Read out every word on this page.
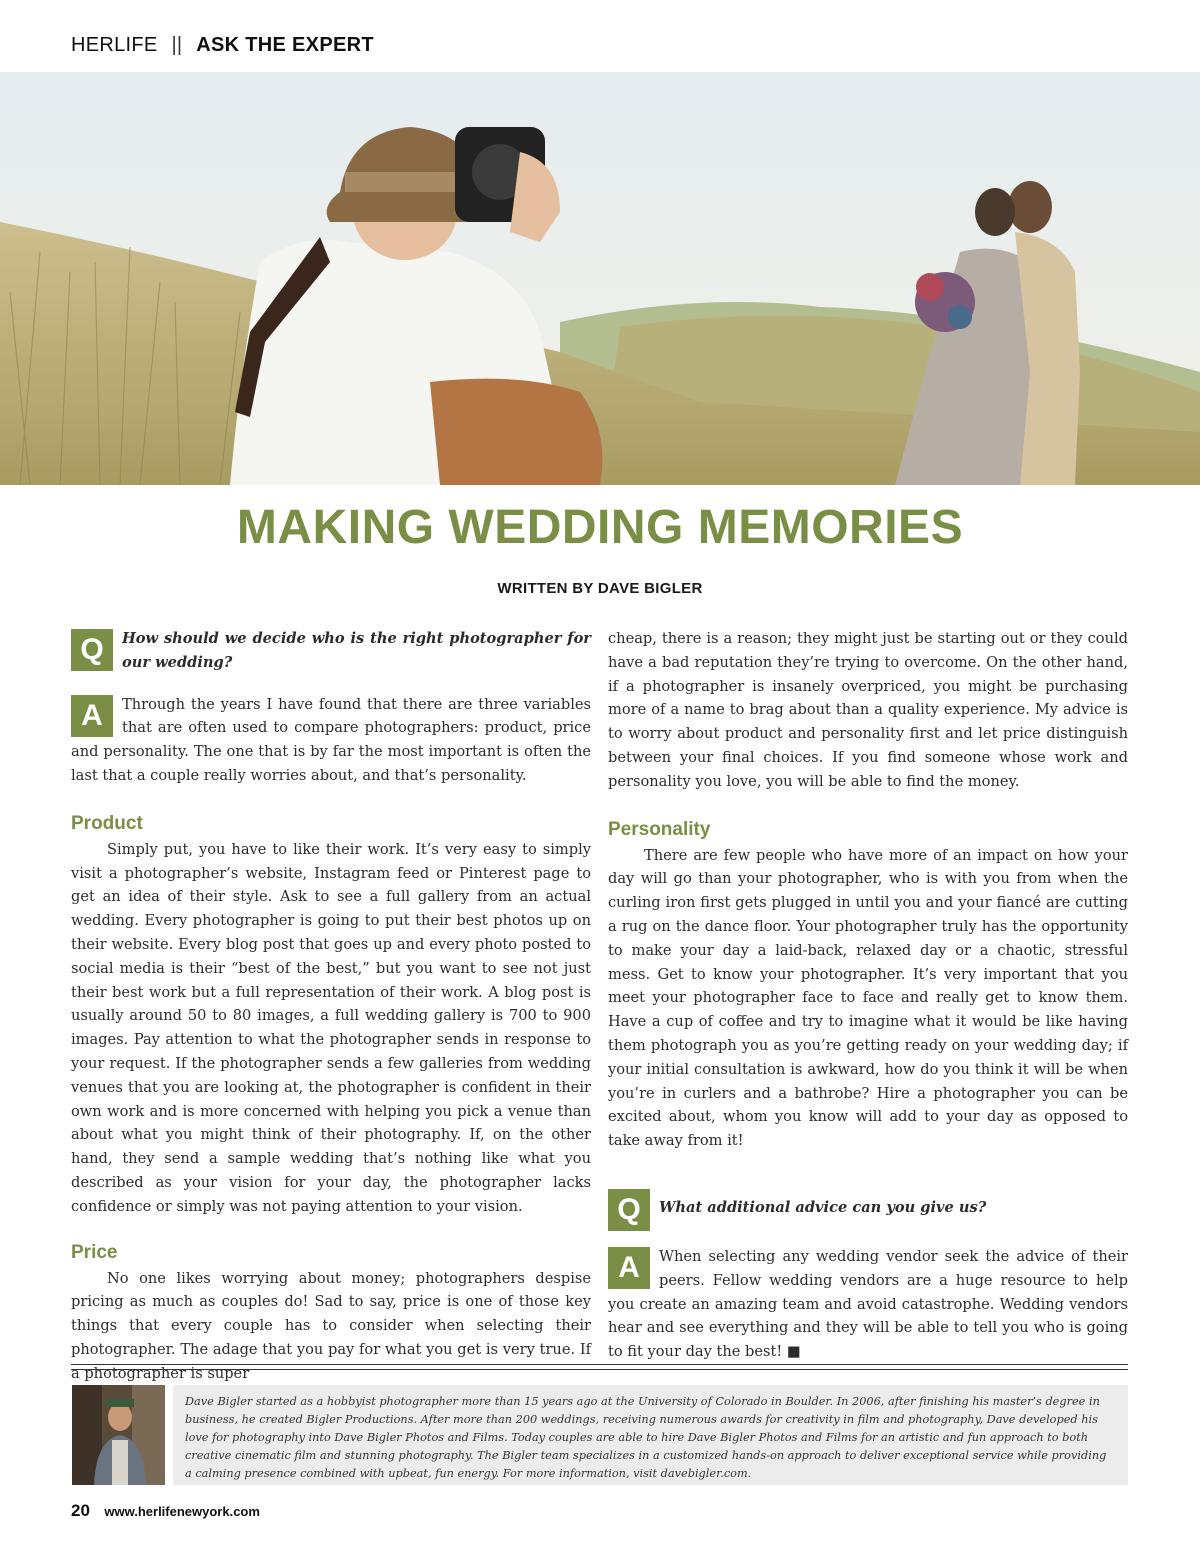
HERLIFE || ASK THE EXPERT
MAKING WEDDING MEMORIES
WRITTEN BY DAVE BIGLER
Q	How should we decide who is the right photographer for our wedding?

A	Through the years I have found that there are three variables that are often used to compare photographers: product, price and personality. The one that is by far the most important is often the last that a couple really worries about, and that’s personality.

Product

Simply put, you have to like their work. It’s very easy to simply visit a photographer’s website, Instagram feed or Pinterest page to get an idea of their style. Ask to see a full gallery from an actual wedding. Every photographer is going to put their best photos up on their website. Every blog post that goes up and every photo posted to social media is their “best of the best,” but you want to see not just their best work but a full representation of their work. A blog post is usually around 50 to 80 images, a full wedding gallery is 700 to 900 images. Pay attention to what the photographer sends in response to your request. If the photographer sends a few galleries from wedding venues that you are looking at, the photographer is confident in their own work and is more concerned with helping you pick a venue than about what you might think of their photography. If, on the other hand, they send a sample wedding that’s nothing like what you described as your vision for your day, the photographer lacks confidence or simply was not paying attention to your vision.

Price

No one likes worrying about money; photographers despise pricing as much as couples do! Sad to say, price is one of those key things that every couple has to consider when selecting their photographer. The adage that you pay for what you get is very true. If a photographer is super

cheap, there is a reason; they might just be starting out or they could have a bad reputation they’re trying to overcome. On the other hand, if a photographer is insanely overpriced, you might be purchasing more of a name to brag about than a quality experience. My advice is to worry about product and personality first and let price distinguish between your final choices. If you find someone whose work and personality you love, you will be able to find the money.

Personality

There are few people who have more of an impact on how your day will go than your photographer, who is with you from when the curling iron first gets plugged in until you and your fiancé are cutting a rug on the dance floor. Your photographer truly has the opportunity to make your day a laid-back, relaxed day or a chaotic, stressful mess. Get to know your photographer. It’s very important that you meet your photographer face to face and really get to know them. Have a cup of coffee and try to imagine what it would be like having them photograph you as you’re getting ready on your wedding day; if your initial consultation is awkward, how do you think it will be when you’re in curlers and a bathrobe? Hire a photographer you can be excited about, whom you know will add to your day as opposed to take away from it!

Q	What additional advice can you give us?

A	When selecting any wedding vendor seek the advice of their peers. Fellow wedding vendors are a huge resource to help you create an amazing team and avoid catastrophe. Wedding vendors hear and see everything and they will be able to tell you who is going to fit your day the best! ■

Dave Bigler started as a hobbyist photographer more than 15 years ago at the University of Colorado in Boulder. In 2006, after finishing his master’s degree in business, he created Bigler Productions. After more than 200 weddings, receiving numerous awards for creativity in film and photography, Dave developed his love for photography into Dave Bigler Photos and Films. Today couples are able to hire Dave Bigler Photos and Films for an artistic and fun approach to both creative cinematic film and stunning photography. The Bigler team specializes in a customized hands-on approach to deliver exceptional service while providing a calming presence combined with upbeat, fun energy. For more information, visit davebigler.com.

20 www.herlifenewyork.com
